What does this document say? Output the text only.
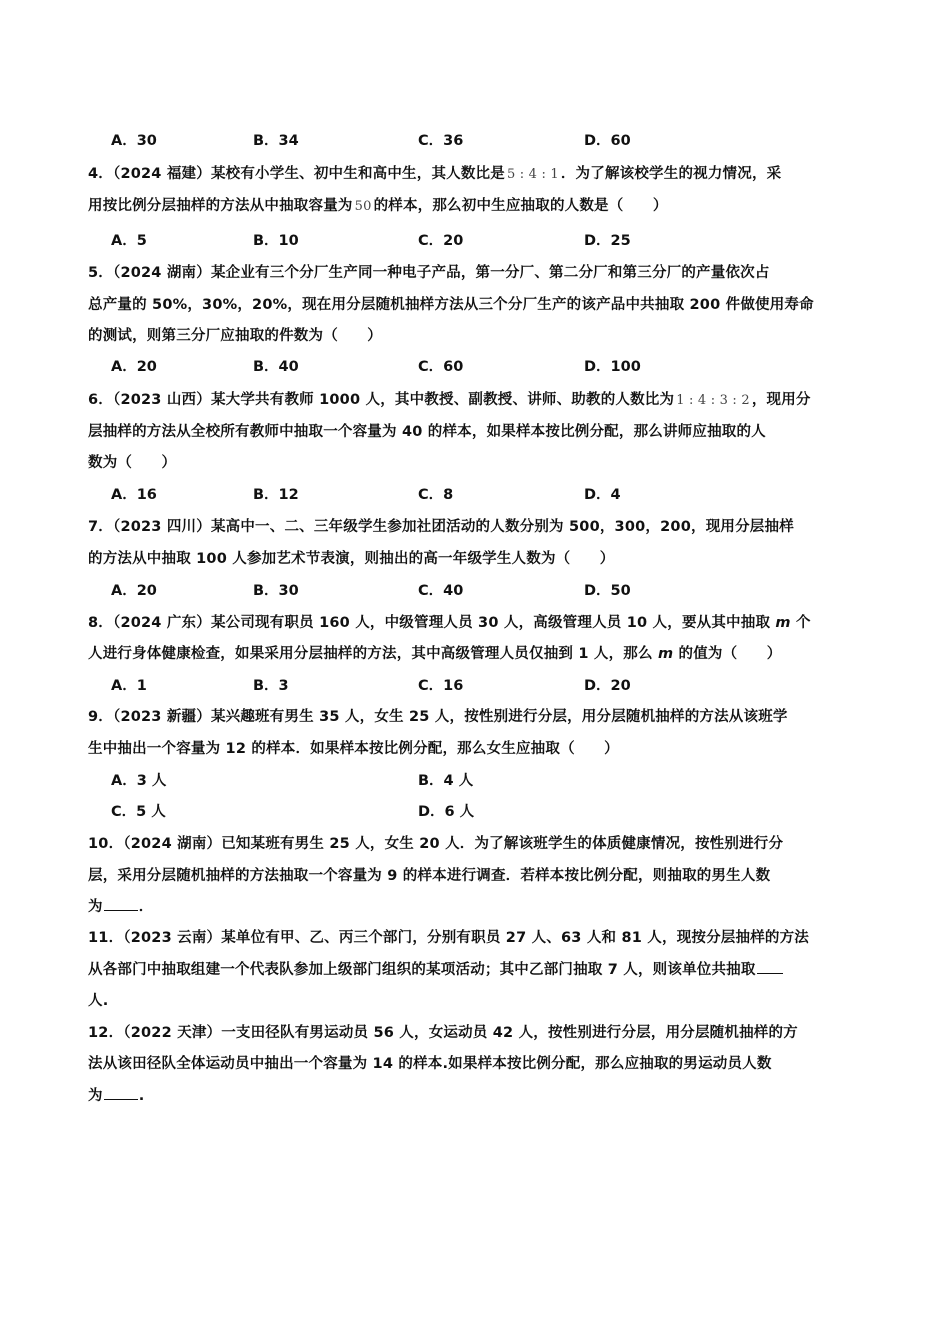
A．30	B．34	C．36	D．60
4．（2024 福建）某校有小学生、初中生和高中生，其人数比是 5 : 4 : 1 ．为了解该校学生的视力情况，采
用按比例分层抽样的方法从中抽取容量为 50 的样本，那么初中生应抽取的人数是（　　）
A．5	B．10	C．20	D．25
5．（2024 湖南）某企业有三个分厂生产同一种电子产品，第一分厂、第二分厂和第三分厂的产量依次占
总产量的 50%，30%，20%，现在用分层随机抽样方法从三个分厂生产的该产品中共抽取 200 件做使用寿命
的测试，则第三分厂应抽取的件数为（　　）
A．20	B．40	C．60	D．100
6．（2023 山西）某大学共有教师 1000 人，其中教授、副教授、讲师、助教的人数比为 1 : 4 : 3 : 2 ，现用分
层抽样的方法从全校所有教师中抽取一个容量为 40 的样本，如果样本按比例分配，那么讲师应抽取的人
数为（　　）
A．16	B．12	C．8	D．4
7．（2023 四川）某高中一、二、三年级学生参加社团活动的人数分别为 500，300，200，现用分层抽样
的方法从中抽取 100 人参加艺术节表演，则抽出的高一年级学生人数为（　　）
A．20	B．30	C．40	D．50
8．（2024 广东）某公司现有职员 160 人，中级管理人员 30 人，高级管理人员 10 人，要从其中抽取 m 个
人进行身体健康检查，如果采用分层抽样的方法，其中高级管理人员仅抽到 1 人，那么 m 的值为（　　）
A．1	B．3	C．16	D．20
9．（2023 新疆）某兴趣班有男生 35 人，女生 25 人，按性别进行分层，用分层随机抽样的方法从该班学
生中抽出一个容量为 12 的样本．如果样本按比例分配，那么女生应抽取（　　）
A．3 人	B．4 人
C．5 人	D．6 人
10．（2024 湖南）已知某班有男生 25 人，女生 20 人．为了解该班学生的体质健康情况，按性别进行分
层，采用分层随机抽样的方法抽取一个容量为 9 的样本进行调查．若样本按比例分配，则抽取的男生人数
为 ．
11．（2023 云南）某单位有甲、乙、丙三个部门，分别有职员 27 人、63 人和 81 人，现按分层抽样的方法
从各部门中抽取组建一个代表队参加上级部门组织的某项活动；其中乙部门抽取 7 人，则该单位共抽取
人.
12．（2022 天津）一支田径队有男运动员 56 人，女运动员 42 人，按性别进行分层，用分层随机抽样的方
法从该田径队全体运动员中抽出一个容量为 14 的样本.如果样本按比例分配，那么应抽取的男运动员人数
为 .
